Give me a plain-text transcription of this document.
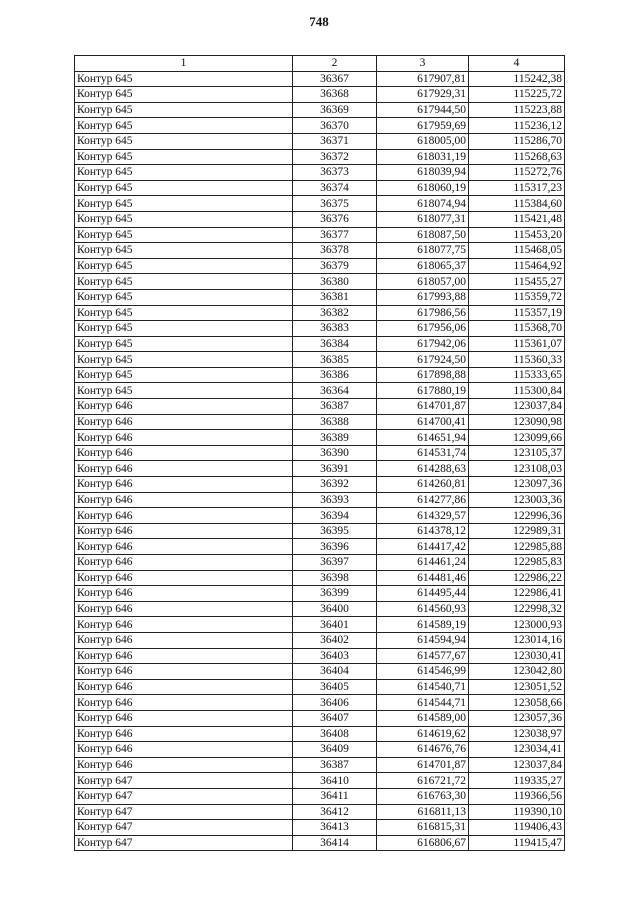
748
1	2	3	4
Контур 645	36367	617907,81	115242,38
Контур 645	36368	617929,31	115225,72
Контур 645	36369	617944,50	115223,88
Контур 645	36370	617959,69	115236,12
Контур 645	36371	618005,00	115286,70
Контур 645	36372	618031,19	115268,63
Контур 645	36373	618039,94	115272,76
Контур 645	36374	618060,19	115317,23
Контур 645	36375	618074,94	115384,60
Контур 645	36376	618077,31	115421,48
Контур 645	36377	618087,50	115453,20
Контур 645	36378	618077,75	115468,05
Контур 645	36379	618065,37	115464,92
Контур 645	36380	618057,00	115455,27
Контур 645	36381	617993,88	115359,72
Контур 645	36382	617986,56	115357,19
Контур 645	36383	617956,06	115368,70
Контур 645	36384	617942,06	115361,07
Контур 645	36385	617924,50	115360,33
Контур 645	36386	617898,88	115333,65
Контур 645	36364	617880,19	115300,84
Контур 646	36387	614701,87	123037,84
Контур 646	36388	614700,41	123090,98
Контур 646	36389	614651,94	123099,66
Контур 646	36390	614531,74	123105,37
Контур 646	36391	614288,63	123108,03
Контур 646	36392	614260,81	123097,36
Контур 646	36393	614277,86	123003,36
Контур 646	36394	614329,57	122996,36
Контур 646	36395	614378,12	122989,31
Контур 646	36396	614417,42	122985,88
Контур 646	36397	614461,24	122985,83
Контур 646	36398	614481,46	122986,22
Контур 646	36399	614495,44	122986,41
Контур 646	36400	614560,93	122998,32
Контур 646	36401	614589,19	123000,93
Контур 646	36402	614594,94	123014,16
Контур 646	36403	614577,67	123030,41
Контур 646	36404	614546,99	123042,80
Контур 646	36405	614540,71	123051,52
Контур 646	36406	614544,71	123058,66
Контур 646	36407	614589,00	123057,36
Контур 646	36408	614619,62	123038,97
Контур 646	36409	614676,76	123034,41
Контур 646	36387	614701,87	123037,84
Контур 647	36410	616721,72	119335,27
Контур 647	36411	616763,30	119366,56
Контур 647	36412	616811,13	119390,10
Контур 647	36413	616815,31	119406,43
Контур 647	36414	616806,67	119415,47
